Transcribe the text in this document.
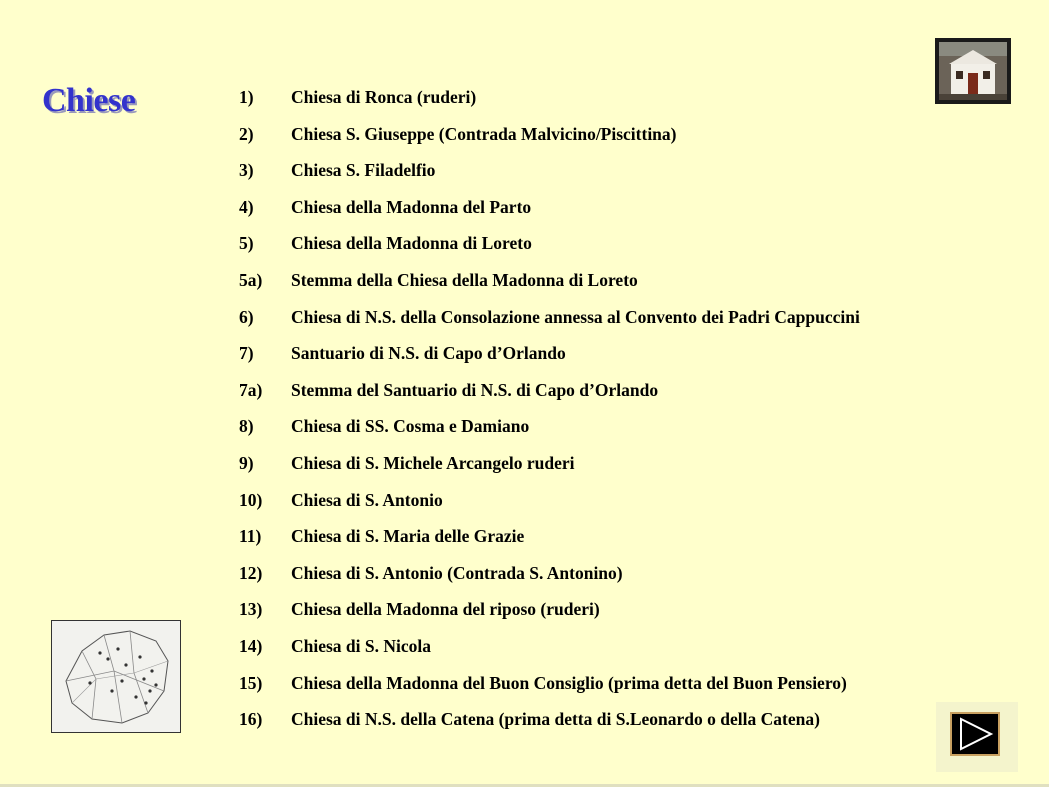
Chiese	1)	Chiesa di Ronca (ruderi)
2)	Chiesa S. Giuseppe (Contrada Malvicino/Piscittina)
3)	Chiesa S. Filadelfio
4)	Chiesa della Madonna del Parto
5)	Chiesa della Madonna di Loreto
5a)	Stemma della Chiesa della Madonna di Loreto
6)	Chiesa di N.S. della Consolazione annessa al Convento dei Padri Cappuccini
7)	Santuario di N.S. di Capo d’Orlando
7a)	Stemma del Santuario di N.S. di Capo d’Orlando
8)	Chiesa di SS. Cosma e Damiano
9)	Chiesa di S. Michele Arcangelo ruderi
10)	Chiesa di S. Antonio
11)	Chiesa di S. Maria delle Grazie
12)	Chiesa di S. Antonio (Contrada S. Antonino)
13)	Chiesa della Madonna del riposo (ruderi)
14)	Chiesa di S. Nicola
15)	Chiesa della Madonna del Buon Consiglio (prima detta del Buon Pensiero)
16)	Chiesa di N.S. della Catena (prima detta di S.Leonardo o della Catena)
